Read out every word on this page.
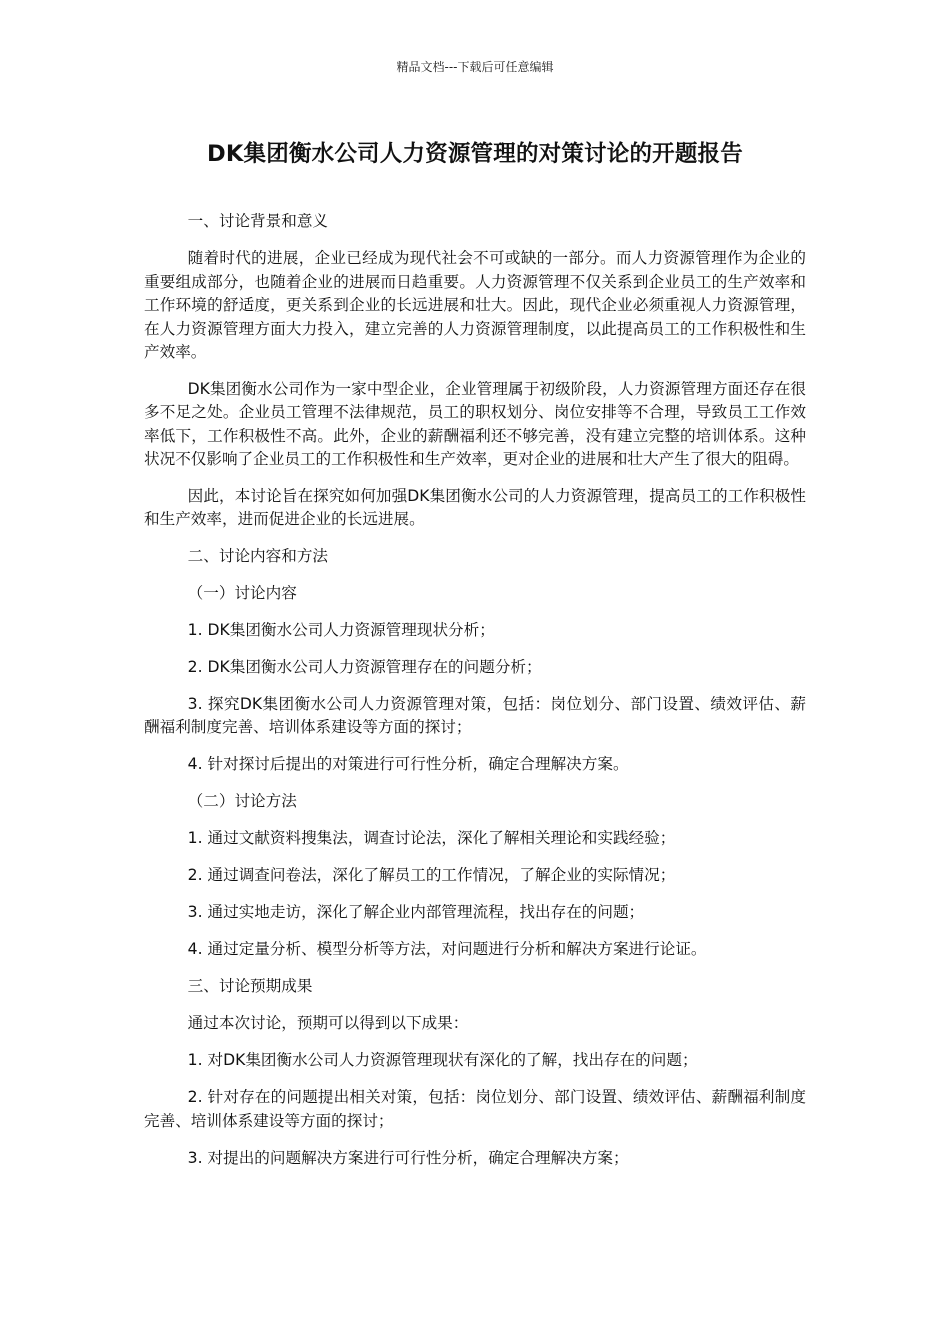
精品文档---下载后可任意编辑
DK集团衡水公司人力资源管理的对策讨论的开题报告

一、讨论背景和意义

随着时代的进展，企业已经成为现代社会不可或缺的一部分。而人力资源管理作为企业的重要组成部分，也随着企业的进展而日趋重要。人力资源管理不仅关系到企业员工的生产效率和工作环境的舒适度，更关系到企业的长远进展和壮大。因此，现代企业必须重视人力资源管理，在人力资源管理方面大力投入，建立完善的人力资源管理制度，以此提高员工的工作积极性和生产效率。

DK集团衡水公司作为一家中型企业，企业管理属于初级阶段，人力资源管理方面还存在很多不足之处。企业员工管理不法律规范，员工的职权划分、岗位安排等不合理，导致员工工作效率低下，工作积极性不高。此外，企业的薪酬福利还不够完善，没有建立完整的培训体系。这种状况不仅影响了企业员工的工作积极性和生产效率，更对企业的进展和壮大产生了很大的阻碍。

因此，本讨论旨在探究如何加强DK集团衡水公司的人力资源管理，提高员工的工作积极性和生产效率，进而促进企业的长远进展。

二、讨论内容和方法

（一）讨论内容

1. DK集团衡水公司人力资源管理现状分析；

2. DK集团衡水公司人力资源管理存在的问题分析；

3. 探究DK集团衡水公司人力资源管理对策，包括：岗位划分、部门设置、绩效评估、薪酬福利制度完善、培训体系建设等方面的探讨；

4. 针对探讨后提出的对策进行可行性分析，确定合理解决方案。

（二）讨论方法

1. 通过文献资料搜集法，调查讨论法，深化了解相关理论和实践经验；

2. 通过调查问卷法，深化了解员工的工作情况，了解企业的实际情况；

3. 通过实地走访，深化了解企业内部管理流程，找出存在的问题；

4. 通过定量分析、模型分析等方法，对问题进行分析和解决方案进行论证。

三、讨论预期成果

通过本次讨论，预期可以得到以下成果：

1. 对DK集团衡水公司人力资源管理现状有深化的了解，找出存在的问题；

2. 针对存在的问题提出相关对策，包括：岗位划分、部门设置、绩效评估、薪酬福利制度完善、培训体系建设等方面的探讨；

3. 对提出的问题解决方案进行可行性分析，确定合理解决方案；
